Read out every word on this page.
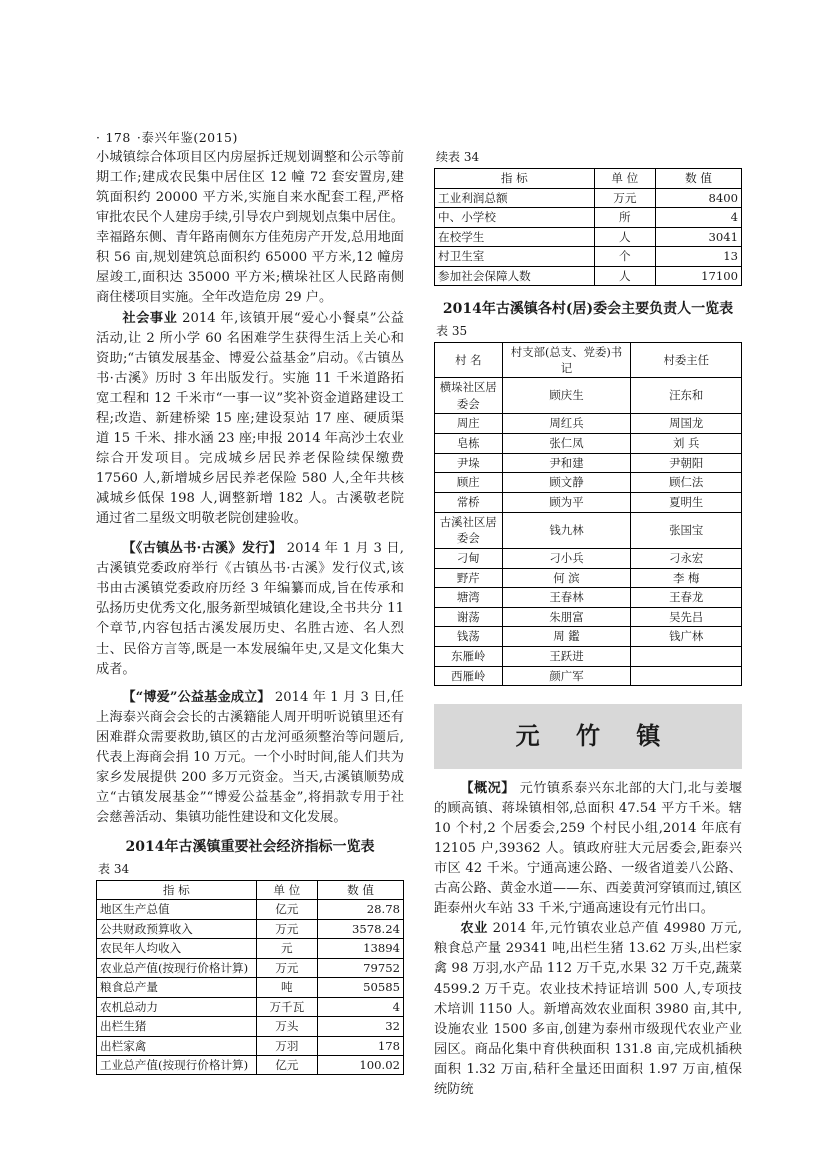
· 178 ·泰兴年鉴(2015)

小城镇综合体项目区内房屋拆迁规划调整和公示等前期工作;建成农民集中居住区 12 幢 72 套安置房,建筑面积约 20000 平方米,实施自来水配套工程,严格审批农民个人建房手续,引导农户到规划点集中居住。幸福路东侧、青年路南侧东方佳苑房产开发,总用地面积 56 亩,规划建筑总面积约 65000 平方米,12 幢房屋竣工,面积达 35000 平方米;横垛社区人民路南侧商住楼项目实施。全年改造危房 29 户。

社会事业 2014 年,该镇开展“爱心小餐桌”公益活动,让 2 所小学 60 名困难学生获得生活上关心和资助;“古镇发展基金、博爱公益基金”启动。《古镇丛书·古溪》历时 3 年出版发行。实施 11 千米道路拓宽工程和 12 千米市“一事一议”奖补资金道路建设工程;改造、新建桥梁 15 座;建设泵站 17 座、硬质渠道 15 千米、排水涵 23 座;申报 2014 年高沙土农业综合开发项目。完成城乡居民养老保险续保缴费 17560 人,新增城乡居民养老保险 580 人,全年共核减城乡低保 198 人,调整新增 182 人。古溪敬老院通过省二星级文明敬老院创建验收。

【《古镇丛书·古溪》发行】 2014 年 1 月 3 日,古溪镇党委政府举行《古镇丛书·古溪》发行仪式,该书由古溪镇党委政府历经 3 年编纂而成,旨在传承和弘扬历史优秀文化,服务新型城镇化建设,全书共分 11 个章节,内容包括古溪发展历史、名胜古迹、名人烈士、民俗方言等,既是一本发展编年史,又是文化集大成者。

【“博爱”公益基金成立】 2014 年 1 月 3 日,任上海泰兴商会会长的古溪籍能人周开明听说镇里还有困难群众需要救助,镇区的古龙河亟须整治等问题后,代表上海商会捐 10 万元。一个小时时间,能人们共为家乡发展提供 200 多万元资金。当天,古溪镇顺势成立“古镇发展基金”“博爱公益基金”,将捐款专用于社会慈善活动、集镇功能性建设和文化发展。

2014年古溪镇重要社会经济指标一览表
表 34
指 标	单 位	数 值
地区生产总值	亿元	28.78
公共财政预算收入	万元	3578.24
农民年人均收入	元	13894
农业总产值(按现行价格计算)	万元	79752
粮食总产量	吨	50585
农机总动力	万千瓦	4
出栏生猪	万头	32
出栏家禽	万羽	178
工业总产值(按现行价格计算)	亿元	100.02
续表 34
指 标	单 位	数 值
工业利润总额	万元	8400
中、小学校	所	4
在校学生	人	3041
村卫生室	个	13
参加社会保障人数	人	17100
2014年古溪镇各村(居)委会主要负责人一览表
表 35
村 名	村支部(总支、党委)书记	村委主任
横垛社区居委会	顾庆生	汪东和
周庄	周红兵	周国龙
皂栋	张仁凤	刘 兵
尹垛	尹和建	尹朝阳
顾庄	顾文静	顾仁法
常桥	顾为平	夏明生
古溪社区居委会	钱九林	张国宝
刁甸	刁小兵	刁永宏
野芹	何 滨	李 梅
塘湾	王春林	王春龙
谢荡	朱朋富	吴先吕
钱荡	周 鑑	钱广林
东雁岭	王跃进	
西雁岭	颜广军	
元 竹 镇

【概况】 元竹镇系泰兴东北部的大门,北与姜堰的顾高镇、蒋垛镇相邻,总面积 47.54 平方千米。辖 10 个村,2 个居委会,259 个村民小组,2014 年底有 12105 户,39362 人。镇政府驻大元居委会,距泰兴市区 42 千米。宁通高速公路、一级省道姜八公路、古高公路、黄金水道——东、西姜黄河穿镇而过,镇区距泰州火车站 33 千米,宁通高速设有元竹出口。

农业 2014 年,元竹镇农业总产值 49980 万元,粮食总产量 29341 吨,出栏生猪 13.62 万头,出栏家禽 98 万羽,水产品 112 万千克,水果 32 万千克,蔬菜 4599.2 万千克。农业技术持证培训 500 人,专项技术培训 1150 人。新增高效农业面积 3980 亩,其中,设施农业 1500 多亩,创建为泰州市级现代农业产业园区。商品化集中育供秧面积 131.8 亩,完成机插秧面积 1.32 万亩,秸秆全量还田面积 1.97 万亩,植保统防统
